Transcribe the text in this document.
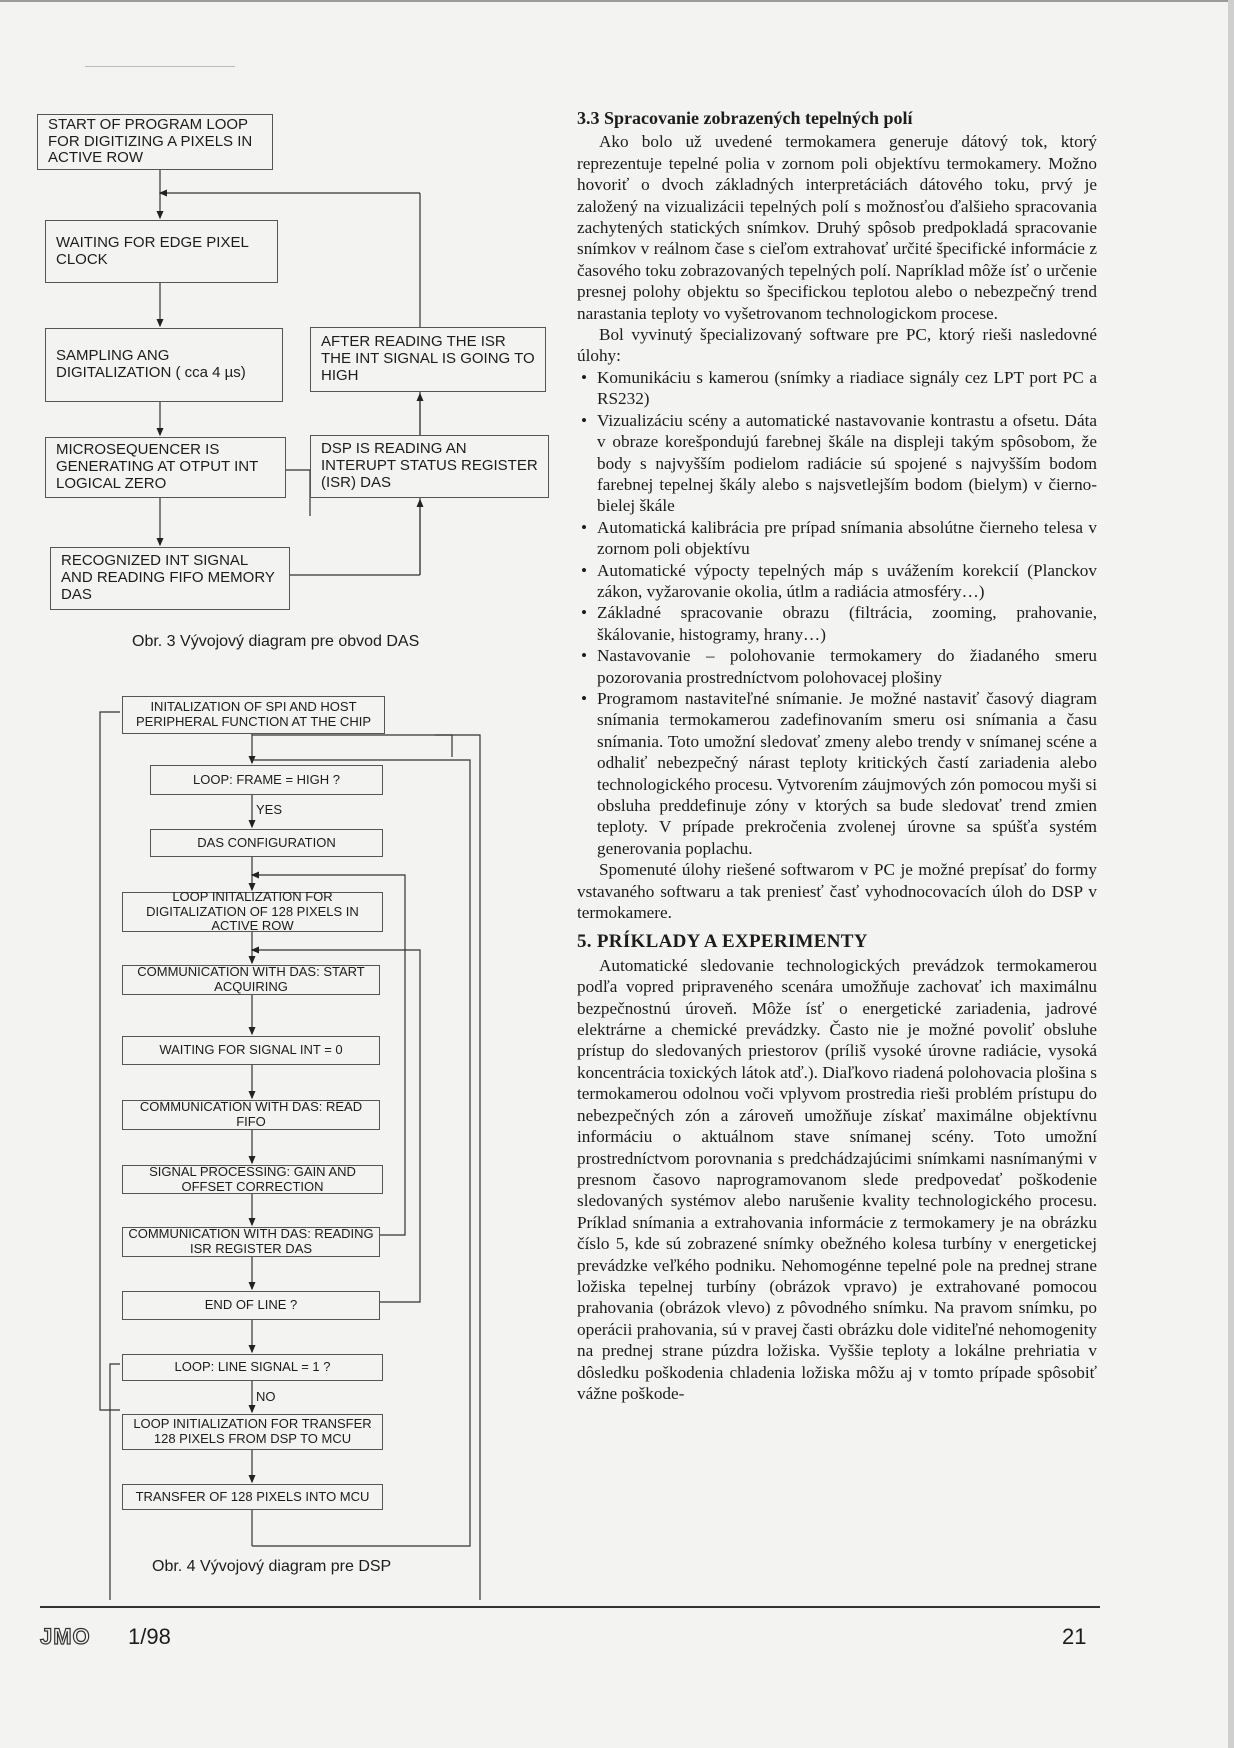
START OF PROGRAM LOOP FOR DIGITIZING A PIXELS IN ACTIVE ROW
WAITING FOR EDGE PIXEL CLOCK
SAMPLING ANG DIGITALIZATION ( cca 4 µs)
MICROSEQUENCER IS GENERATING AT OTPUT INT LOGICAL ZERO
RECOGNIZED INT SIGNAL AND READING FIFO MEMORY DAS
AFTER READING THE ISR THE INT SIGNAL IS GOING TO HIGH
DSP IS READING AN INTERUPT STATUS REGISTER (ISR) DAS
Obr. 3 Vývojový diagram pre obvod DAS
INITALIZATION OF SPI AND HOST PERIPHERAL FUNCTION AT THE CHIP
LOOP: FRAME = HIGH ?
YES
DAS CONFIGURATION
LOOP INITALIZATION FOR DIGITALIZATION OF 128 PIXELS IN ACTIVE ROW
COMMUNICATION WITH DAS: START ACQUIRING
WAITING FOR SIGNAL INT = 0
COMMUNICATION WITH DAS: READ FIFO
SIGNAL PROCESSING: GAIN AND OFFSET CORRECTION
COMMUNICATION WITH DAS: READING ISR REGISTER DAS
END OF LINE ?
LOOP: LINE SIGNAL = 1 ?
NO
LOOP INITIALIZATION FOR TRANSFER 128 PIXELS FROM DSP TO MCU
TRANSFER OF 128 PIXELS INTO MCU
Obr. 4 Vývojový diagram pre DSP
3.3 Spracovanie zobrazených tepelných polí

Ako bolo už uvedené termokamera generuje dátový tok, ktorý reprezentuje tepelné polia v zornom poli objektívu termokamery. Možno hovoriť o dvoch základných interpretáciách dátového toku, prvý je založený na vizualizácii tepelných polí s možnosťou ďalšieho spracovania zachytených statických snímkov. Druhý spôsob predpokladá spracovanie snímkov v reálnom čase s cieľom extrahovať určité špecifické informácie z časového toku zobrazovaných tepelných polí. Napríklad môže ísť o určenie presnej polohy objektu so špecifickou teplotou alebo o nebezpečný trend narastania teploty vo vyšetrovanom technologickom procese.

Bol vyvinutý špecializovaný software pre PC, ktorý rieši nasledovné úlohy:

• Komunikáciu s kamerou (snímky a riadiace signály cez LPT port PC a RS232)
• Vizualizáciu scény a automatické nastavovanie kontrastu a ofsetu. Dáta v obraze korešpondujú farebnej škále na displeji takým spôsobom, že body s najvyšším podielom radiácie sú spojené s najvyšším bodom farebnej tepelnej škály alebo s najsvetlejším bodom (bielym) v čierno-bielej škále
• Automatická kalibrácia pre prípad snímania absolútne čierneho telesa v zornom poli objektívu
• Automatické výpocty tepelných máp s uvážením korekcií (Planckov zákon, vyžarovanie okolia, útlm a radiácia atmosféry…)
• Základné spracovanie obrazu (filtrácia, zooming, prahovanie, škálovanie, histogramy, hrany…)
• Nastavovanie – polohovanie termokamery do žiadaného smeru pozorovania prostredníctvom polohovacej plošiny
• Programom nastaviteľné snímanie. Je možné nastaviť časový diagram snímania termokamerou zadefinovaním smeru osi snímania a času snímania. Toto umožní sledovať zmeny alebo trendy v snímanej scéne a odhaliť nebezpečný nárast teploty kritických častí zariadenia alebo technologického procesu. Vytvorením záujmových zón pomocou myši si obsluha preddefinuje zóny v ktorých sa bude sledovať trend zmien teploty. V prípade prekročenia zvolenej úrovne sa spúšťa systém generovania poplachu.

Spomenuté úlohy riešené softwarom v PC je možné prepísať do formy vstavaného softwaru a tak preniesť časť vyhodnocovacích úloh do DSP v termokamere.

5. PRÍKLADY A EXPERIMENTY

Automatické sledovanie technologických prevádzok termokamerou podľa vopred pripraveného scenára umožňuje zachovať ich maximálnu bezpečnostnú úroveň. Môže ísť o energetické zariadenia, jadrové elektrárne a chemické prevádzky. Často nie je možné povoliť obsluhe prístup do sledovaných priestorov (príliš vysoké úrovne radiácie, vysoká koncentrácia toxických látok atď.). Diaľkovo riadená polohovacia plošina s termokamerou odolnou voči vplyvom prostredia rieši problém prístupu do nebezpečných zón a zároveň umožňuje získať maximálne objektívnu informáciu o aktuálnom stave snímanej scény. Toto umožní prostredníctvom porovnania s predchádzajúcimi snímkami nasnímanými v presnom časovo naprogramovanom slede predpovedať poškodenie sledovaných systémov alebo narušenie kvality technologického procesu. Príklad snímania a extrahovania informácie z termokamery je na obrázku číslo 5, kde sú zobrazené snímky obežného kolesa turbíny v energetickej prevádzke veľkého podniku. Nehomogénne tepelné pole na prednej strane ložiska tepelnej turbíny (obrázok vpravo) je extrahované pomocou prahovania (obrázok vlevo) z pôvodného snímku. Na pravom snímku, po operácii prahovania, sú v pravej časti obrázku dole viditeľné nehomogenity na prednej strane púzdra ložiska. Vyššie teploty a lokálne prehriatia v dôsledku poškodenia chladenia ložiska môžu aj v tomto prípade spôsobiť vážne poškode-

JMO 1/98	21
